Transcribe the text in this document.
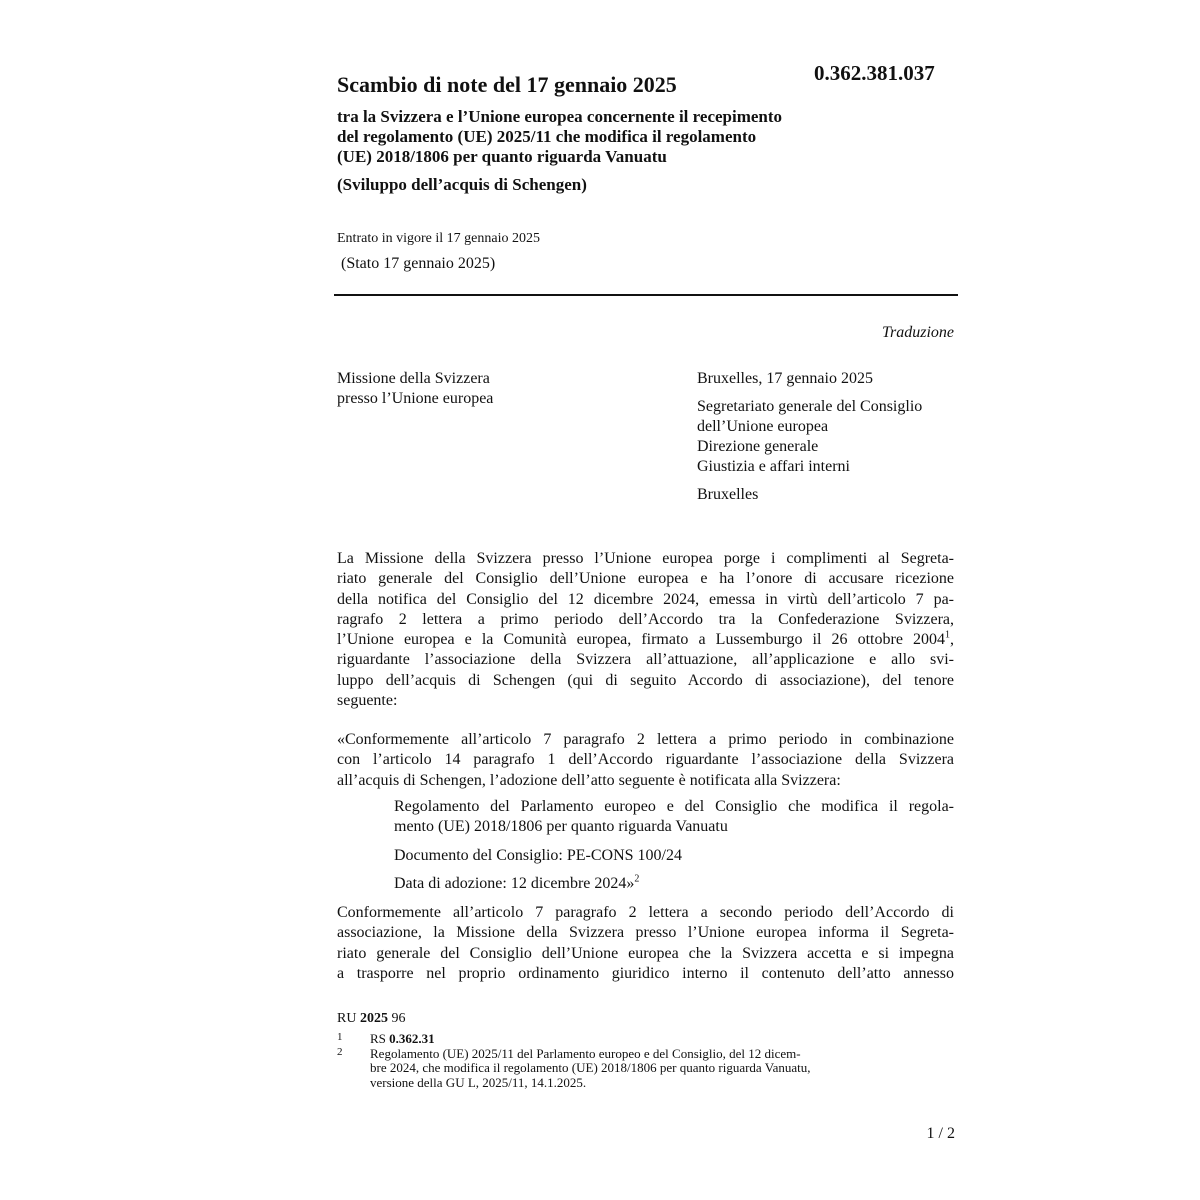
Scambio di note del 17 gennaio 2025	0.362.381.037
tra la Svizzera e l’Unione europea concernente il recepimento
del regolamento (UE) 2025/11 che modifica il regolamento
(UE) 2018/1806 per quanto riguarda Vanuatu
(Sviluppo dell’acquis di Schengen)
Entrato in vigore il 17 gennaio 2025
(Stato 17 gennaio 2025)
Traduzione
Missione della Svizzera
presso l’Unione europea
Bruxelles, 17 gennaio 2025
Segretariato generale del Consiglio
dell’Unione europea
Direzione generale
Giustizia e affari interni
Bruxelles
La Missione della Svizzera presso l’Unione europea porge i complimenti al Segreta-
riato generale del Consiglio dell’Unione europea e ha l’onore di accusare ricezione
della notifica del Consiglio del 12 dicembre 2024, emessa in virtù dell’articolo 7 pa-
ragrafo 2 lettera a primo periodo dell’Accordo tra la Confederazione Svizzera,
l’Unione europea e la Comunità europea, firmato a Lussemburgo il 26 ottobre 2004$^1$,
riguardante l’associazione della Svizzera all’attuazione, all’applicazione e allo svi-
luppo dell’acquis di Schengen (qui di seguito Accordo di associazione), del tenore
seguente:
«Conformemente all’articolo 7 paragrafo 2 lettera a primo periodo in combinazione
con l’articolo 14 paragrafo 1 dell’Accordo riguardante l’associazione della Svizzera
all’acquis di Schengen, l’adozione dell’atto seguente è notificata alla Svizzera:
Regolamento del Parlamento europeo e del Consiglio che modifica il regola-
mento (UE) 2018/1806 per quanto riguarda Vanuatu
Documento del Consiglio: PE-CONS 100/24
Data di adozione: 12 dicembre 2024»$^2$
Conformemente all’articolo 7 paragrafo 2 lettera a secondo periodo dell’Accordo di
associazione, la Missione della Svizzera presso l’Unione europea informa il Segreta-
riato generale del Consiglio dell’Unione europea che la Svizzera accetta e si impegna
a trasporre nel proprio ordinamento giuridico interno il contenuto dell’atto annesso
RU 2025 96
1 RS 0.362.31
2 Regolamento (UE) 2025/11 del Parlamento europeo e del Consiglio, del 12 dicem-
bre 2024, che modifica il regolamento (UE) 2018/1806 per quanto riguarda Vanuatu,
versione della GU L, 2025/11, 14.1.2025.
1 / 2
